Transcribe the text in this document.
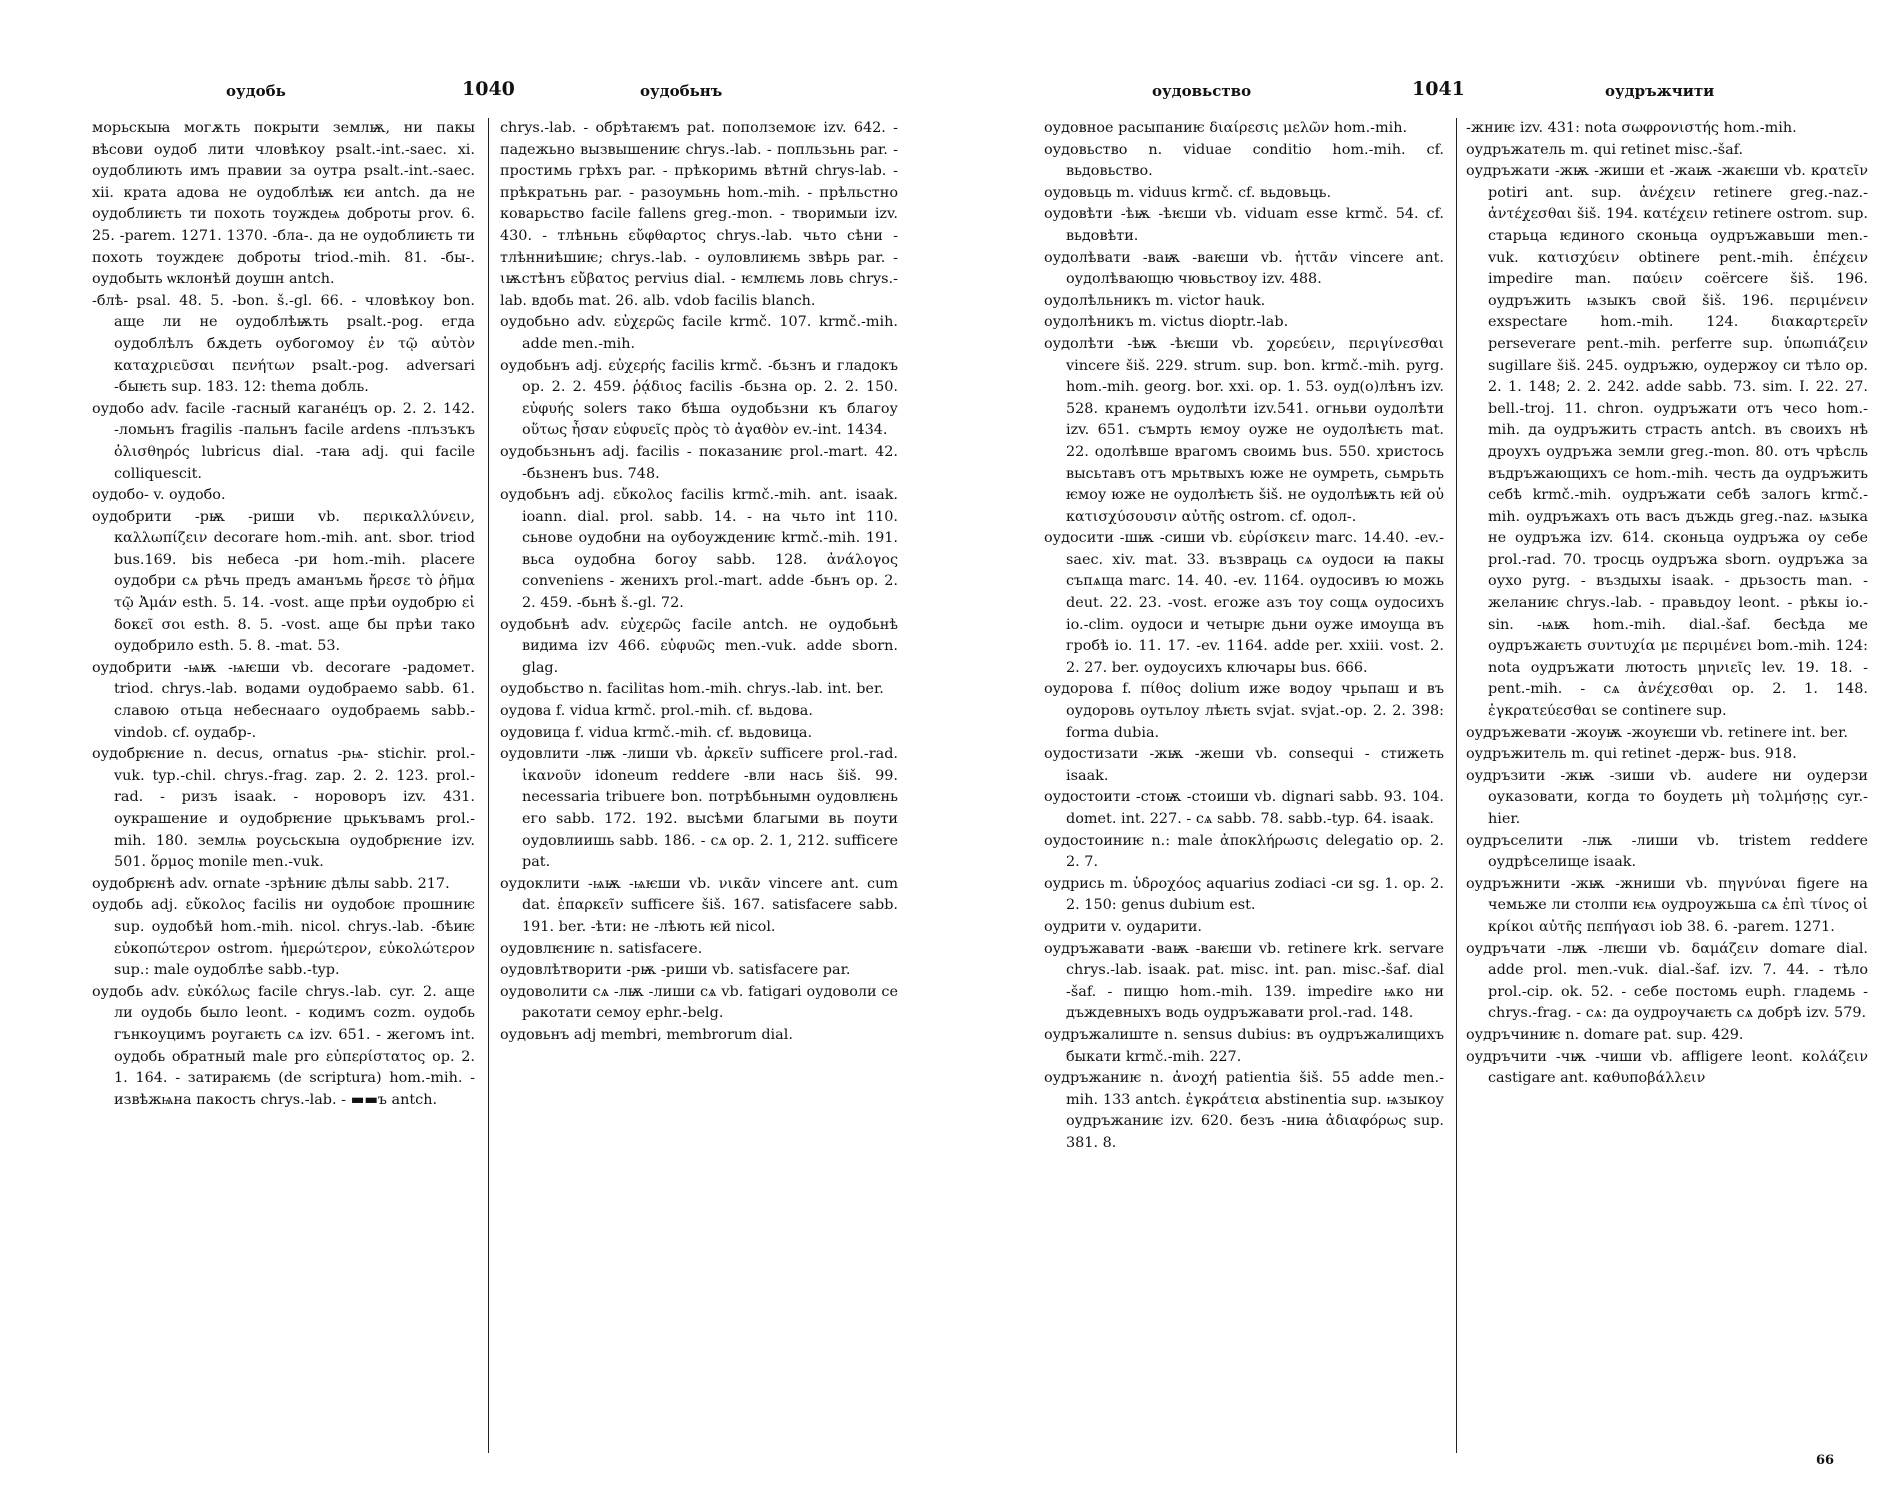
оудобь	1040	оудобьнъ

морьскыꙗ могѫть покрыти землѭ, ни пакы вѣсови оудоб лити чловѣкоу psalt.-int.-saec. xi. оудоблиють имъ правии за оутра psalt.-int.-saec. xii. крата адова не оудоблѣѭ ѥи antch. да не оудоблиѥть ти похоть тоуждеѩ доброты prov. 6. 25. -parem. 1271. 1370. -бла-. да не оудоблиѥть ти похоть тоуждеѥ доброты triod.-mih. 81. -бы-. оудобыть ѡклонѣй доушн antch.

-блѣ- psal. 48. 5. -bon. š.-gl. 66. - чловѣкоу bon. аще ли не оудоблѣѭть psalt.-pog. егда оудоблѣлъ бѫдеть оубогомоу ἐν τῷ αὐτὸν καταχριεῦσαι πενήτων psalt.-pog. adversari -быѥть sup. 183. 12: thema добль.

оудобо adv. facile -гасный кагане́цъ op. 2. 2. 142. -ломьнъ fragilis -пальнъ facile ardens -плъзъкъ ὀλισθηρός lubricus dial. -таꙗ adj. qui facile colliquescit.

оудобо- v. оудобо.

оудобрити -рѭ -риши vb. περικαλλύνειν, καλλωπίζειν decorare hom.-mih. ant. sbor. triod bus.169. bis небеса -ри hom.-mih. placere оудобри сѧ рѣчь предъ аманъмь ἤρεσε τὸ ῥῆμα τῷ Ἀμάν esth. 5. 14. -vost. аще прѣи оудобрю εἰ δοκεῖ σοι esth. 8. 5. -vost. аще бы прѣи тако оудобрило esth. 5. 8. -mat. 53.

оудобрити -ѩѭ -ѩѥши vb. decorare -радомет. triod. chrys.-lab. водами оудобраемо sabb. 61. славою отьца небеснааго оудобраемь sabb.-vindob. cf. оудабр-.

оудобрѥние n. decus, ornatus -рѩ- stichir. prol.-vuk. typ.-chil. chrys.-frag. zap. 2. 2. 123. prol.-rad. - ризъ isaak. - нороворъ izv. 431. оукрашение и оудобрѥние црькъвамъ prol.-mih. 180. землѩ роусьскыꙗ оудобрѥние izv. 501. ὅρμος monile men.-vuk.

оудобрѥнѣ adv. ornate -зрѣниѥ дѣлы sabb. 217.

оудобь adj. εὔκολος facilis ни оудобоѥ прошниѥ sup. оудобѣй hom.-mih. nicol. chrys.-lab. -бѣиѥ εὐκοπώτερον ostrom. ἡμερώτερον, εὐκολώτερον sup.: male оудоблѣе sabb.-typ.

оудобь adv. εὐκόλως facile chrys.-lab. cyr. 2. аще ли оудобь было leont. - кодимъ cozm. оудобь гънкоуцимъ роугаѥть сѧ izv. 651. - жегомъ int. оудобь обратный male pro εὐπερίστατος op. 2. 1. 164. - затираѥмь (de scriptura) hom.-mih. - извѣжѩна пакость chrys.-lab. - ▬▬ъ antch.

chrys.-lab. - обрѣтаѥмъ pat. пополземоѥ izv. 642. - падежьно вызвышениѥ chrys.-lab. - попльзьнь par. - простимь грѣхъ par. - прѣкоримь вѣтнй chrys-lab. - прѣкратьнь par. - разоумьнь hom.-mih. - прѣльстно коварьство facile fallens greg.-mon. - творимыи izv. 430. - тлѣньнь εὔφθαρτος chrys.-lab. чьто сѣни - тлѣнниѣшиѥ; chrys.-lab. - оуловлиѥмь звѣрь par. - ꙇѭстѣнъ εὔβατος pervius dial. - ѥмлѥмь ловь chrys.-lab. вдобь mat. 26. alb. vdob facilis blanch.

оудобьно adv. εὐχερῶς facile krmč. 107. krmč.-mih. adde men.-mih.

оудобьнъ adj. εὐχερής facilis krmč. -бьзнъ и гладокъ op. 2. 2. 459. ῥᾴδιος facilis -бьзна op. 2. 2. 150. εὐφυής solers тако бѣша оудобьзни къ благоу οὕτως ἦσαν εὐφυεῖς πρὸς τὸ ἀγαθὸν ev.-int. 1434.

оудобьзньнъ adj. facilis - показаниѥ prol.-mart. 42. -бьзненъ bus. 748.

оудобьнъ adj. εὔκολος facilis krmč.-mih. ant. isaak. ioann. dial. prol. sabb. 14. - на чьто int 110. сьнове оудобни на оубоуждениѥ krmč.-mih. 191. вьса оудобна богоу sabb. 128. ἀνάλογος conveniens - женихъ prol.-mart. adde -бьнъ op. 2. 2. 459. -бьнѣ š.-gl. 72.

оудобьнѣ adv. εὐχερῶς facile antch. не оудобьнѣ видима izv 466. εὐφυῶς men.-vuk. adde sborn. glag.

оудобьство n. facilitas hom.-mih. chrys.-lab. int. ber.

оудова f. vidua krmč. prol.-mih. cf. вьдова.

оудовица f. vidua krmč.-mih. cf. вьдовица.

оудовлити -лѭ -лиши vb. ἀρκεῖν sufficere prol.-rad. ἱκανοῦν idoneum reddere -вли нась šiš. 99. necessaria tribuere bon. потрѣбьнымн оудовлѥнь его sabb. 172. 192. высѣми благыми вь поути оудовлиишь sabb. 186. - сѧ op. 2. 1, 212. sufficere pat.

оудоклити -ѩѭ -ѩѥши vb. νικᾶν vincere ant. cum dat. ἐπαρκεῖν sufficere šiš. 167. satisfacere sabb. 191. ber. -ѣти: не -лѣють ѥй nicol.

оудовлѥниѥ n. satisfacere.

оудовлѣтворити -рѭ -риши vb. satisfacere par.

оудоволити сѧ -лѭ -лиши сѧ vb. fatigari оудоволи се ракотати семоу ephr.-belg.

оудовьнъ adj membri, membrorum dial.

оудовьство	1041	оудръжчити

оудовное расыпаниѥ διαίρεσις μελῶν hom.-mih.

оудовьство n. viduae conditio hom.-mih. cf. вьдовьство.

оудовьць m. viduus krmč. cf. вьдовьць.

оудовѣти -ѣѭ -ѣѥши vb. viduam esse krmč. 54. cf. вьдовѣти.

оудолѣвати -ваѭ -ваѥши vb. ἡττᾶν vincere ant. оудолѣвающю чювьствоу izv. 488.

оудолѣльникъ m. victor hauk.

оудолѣникъ m. victus dioptr.-lab.

оудолѣти -ѣѭ -ѣѥши vb. χορεύειν, περιγίνεσθαι vincere šiš. 229. strum. sup. bon. krmč.-mih. pyrg. hom.-mih. georg. bor. xxi. op. 1. 53. оуд(о)лѣнъ izv. 528. кранемъ оудолѣти izv.541. огньви оудолѣти izv. 651. съмрть ѥмоу оуже не оудолѣѥть mat. 22. одолѣвше врагомъ своимь bus. 550. христось высьтавъ отъ мрьтвыхъ юже не оумреть, сьмрьть ѥмоу юже не оудолѣѥть šiš. не оудолѣѭть ѥй οὐ κατισχύσουσιν αὐτῆς ostrom. cf. одол-.

оудосити -шѭ -сиши vb. εὑρίσκειν marc. 14.40. -ev.-saec. xiv. mat. 33. възвраць сѧ оудоси ꙗ пакы съпѧща marc. 14. 40. -ev. 1164. оудосивъ ю можь deut. 22. 23. -vost. егоже азъ тоу сощѧ оудосихъ io.-clim. оудоси и четырѥ дьни оуже имоуща въ гробѣ io. 11. 17. -ev. 1164. adde per. xxiii. vost. 2. 2. 27. ber. оудоусихъ ключары bus. 666.

оудорова f. πίθος dolium иже водоу чрьпаш и въ оудоровь оутьлоу лѣѥть svjat. svjat.-op. 2. 2. 398: forma dubia.

оудостизати -жѭ -жеши vb. consequi - стижеть isaak.

оудостоити -стоѭ -стоиши vb. dignari sabb. 93. 104. domet. int. 227. - сѧ sabb. 78. sabb.-typ. 64. isaak.

оудостоиниѥ n.: male ἀποκλήρωσις delegatio op. 2. 2. 7.

оудрись m. ὑδροχόος aquarius zodiaci -си sg. 1. op. 2. 2. 150: genus dubium est.

оудрити v. оударити.

оудръжавати -ваѭ -ваѥши vb. retinere krk. servare chrys.-lab. isaak. pat. misc. int. pan. misc.-šaf. dial -šaf. - пищю hom.-mih. 139. impedire ѩко ни дъждевныхъ водь оудръжавати prol.-rad. 148.

оудръжалиште n. sensus dubius: въ оудръжалищихъ быкати krmč.-mih. 227.

оудръжаниѥ n. ἀνοχή patientia šiš. 55 adde men.-mih. 133 antch. ἐγκράτεια abstinentia sup. ѩзыкоу оудръжаниѥ izv. 620. безъ -ниꙗ ἀδιαφόρως sup. 381. 8.

-жниѥ izv. 431: nota σωφρονιστής hom.-mih.

оудръжатель m. qui retinet misc.-šaf.

оудръжати -жѭ -жиши et -жаѭ -жаѥши vb. κρατεῖν potiri ant. sup. ἀνέχειν retinere greg.-naz.-ἀντέχεσθαι šiš. 194. κατέχειν retinere ostrom. sup. старьца ѥдиного сконьца оудръжавьши men.-vuk. κατισχύειν obtinere pent.-mih. ἐπέχειν impedire man. παύειν coërcere šiš. 196. оудръжить ѩзыкъ свой šiš. 196. περιμένειν exspectare hom.-mih. 124. διακαρτερεῖν perseverare pent.-mih. perferre sup. ὑπωπιάζειν sugillare šiš. 245. оудръжю, оудержоу си тѣло op. 2. 1. 148; 2. 2. 242. adde sabb. 73. sim. I. 22. 27. bell.-troj. 11. chron. оудръжати отъ чесо hom.-mih. да оудръжить страсть antch. въ своихъ нѣ дроухъ оудръжа земли greg.-mon. 80. отъ чрѣсль въдръжающихъ се hom.-mih. честь да оудръжить себѣ krmč.-mih. оудръжати себѣ залогь krmč.-mih. оудръжахъ оть васъ дъждь greg.-naz. ѩзыка не оудръжа izv. 614. сконьца оудръжа оу себе prol.-rad. 70. тросць оудръжа sborn. оудръжа за оухо pyrg. - въздыхы isaak. - дрьзость man. - желаниѥ chrys.-lab. - правьдоу leont. - рѣкы io.-sin. -ѩѭ hom.-mih. dial.-šaf. бесѣда ме оудръжаѥть συντυχία με περιμένει bom.-mih. 124: nota оудръжати лютость μηνιεῖς lev. 19. 18. -pent.-mih. - сѧ ἀνέχεσθαι op. 2. 1. 148. ἐγκρατεύεσθαι se continere sup.

оудръжевати -жоуѭ -жоуѥши vb. retinere int. ber.

оудръжитель m. qui retinet -держ- bus. 918.

оудръзити -жѭ -зиши vb. audere ни оудерзи оуказовати, когда то боудеть μὴ τολμήσῃς cyr.-hier.

оудръселити -лѭ -лиши vb. tristem reddere оудрѣселище isaak.

оудръжнити -жѭ -жниши vb. πηγνύναι figere на чемьже ли столпи ѥѩ оудроужьша сѧ ἐπὶ τίνος οἱ κρίκοι αὐτῆς πεπήγασι iob 38. 6. -parem. 1271.

оудръчати -лѭ -лѥши vb. δαμάζειν domare dial. adde prol. men.-vuk. dial.-šaf. izv. 7. 44. - тѣло prol.-cip. ok. 52. - себе постомь euph. гладемь - chrys.-frag. - сѧ: да оудроучаѥть сѧ добрѣ izv. 579.

оудръчиниѥ n. domare pat. sup. 429.

оудръчити -чѭ -чиши vb. affligere leont. κολάζειν castigare ant. καθυποβάλλειν

66
